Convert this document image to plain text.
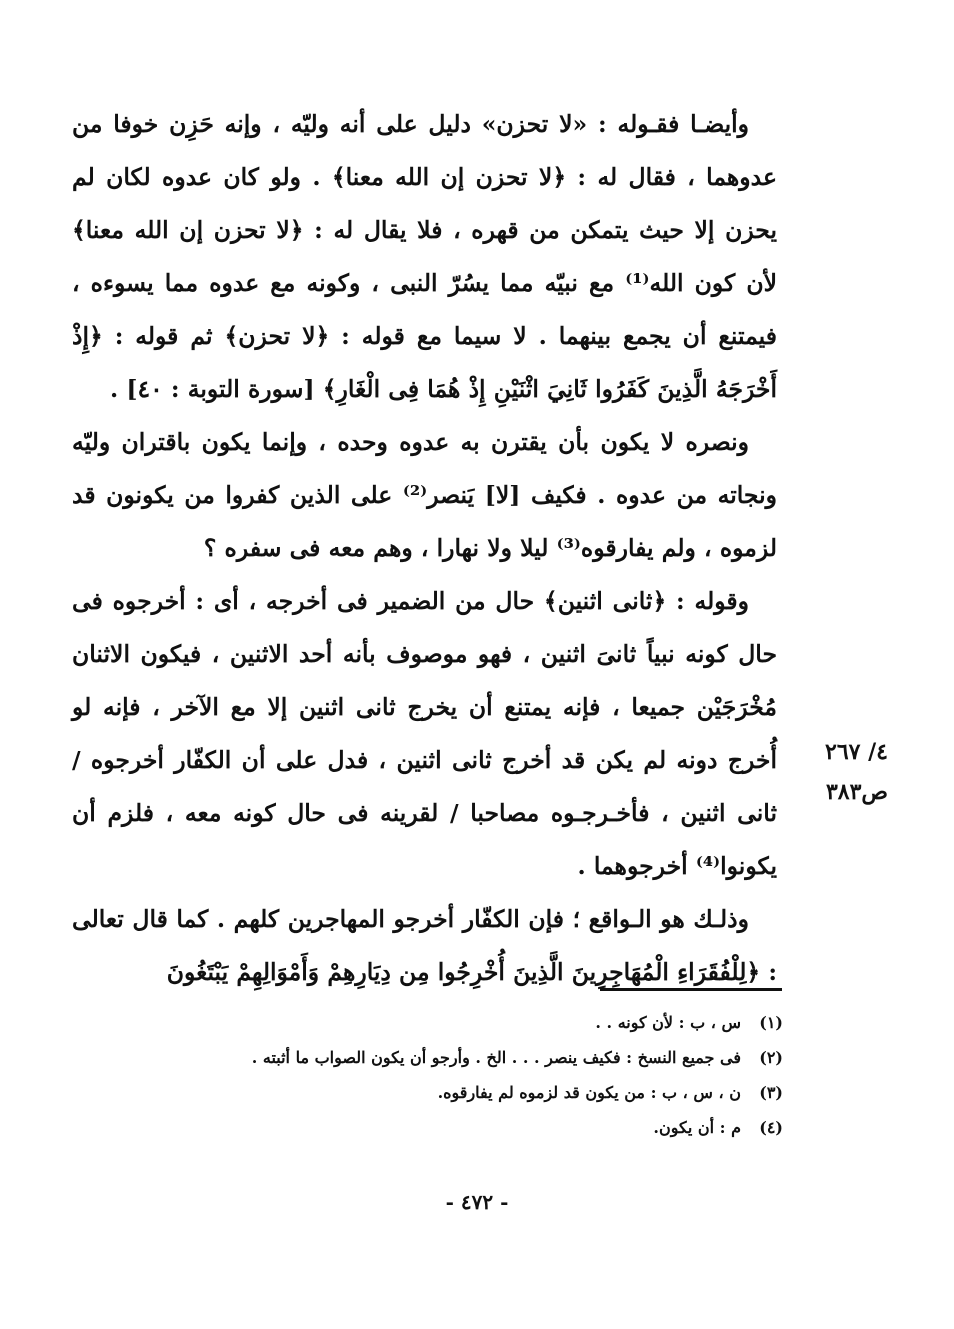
وأيضـا فقـوله : «لا تحزن» دليل على أنه وليّه ، وإنه حَزِن خوفا من عدوهما ، فقال له : ﴿لا تحزن إن الله معنا﴾ . ولو كان عدوه لكان لم يحزن إلا حيث يتمكن من قهره ، فلا يقال له : ﴿لا تحزن إن الله معنا﴾ لأن كون الله⁽¹⁾ مع نبيّه مما يسُرّ النبى ، وكونه مع عدوه مما يسوءه ، فيمتنع أن يجمع بينهما . لا سيما مع قوله : ﴿لا تحزن﴾ ثم قوله : ﴿إِذْ أَخْرَجَهُ الَّذِينَ كَفَرُوا ثَانِيَ اثْنَيْنِ إِذْ هُمَا فِى الْغَارِ﴾ [سورة التوبة : ٤٠] .

ونصره لا يكون بأن يقترن به عدوه وحده ، وإنما يكون باقتران وليّه ونجاته من عدوه . فكيف [لا] يَنصر⁽²⁾ على الذين كفروا من يكونون قد لزموه ، ولم يفارقوه⁽³⁾ ليلا ولا نهارا ، وهم معه فى سفره ؟

وقوله : ﴿ثانى اثنين﴾ حال من الضمير فى أخرجه ، أى : أخرجوه فى حال كونه نبياً ثانىَ اثنين ، فهو موصوف بأنه أحد الاثنين ، فيكون الاثنان مُخْرَجَيْن جميعا ، فإنه يمتنع أن يخرج ثانى اثنين إلا مع الآخر ، فإنه لو أُخرج دونه لم يكن قد أخرج ثانى اثنين ، فدل على أن الكفّار أخرجوه / ثانى اثنين ، فأخـرجـوه مصاحبا / لقرينه فى حال كونه معه ، فلزم أن يكونوا⁽⁴⁾ أخرجوهما .

وذلـك هو الـواقع ؛ فإن الكفّار أخرجو المهاجرين كلهم . كما قال تعالى : ﴿لِلْفُقَرَاءِ الْمُهَاجِرِينَ الَّذِينَ أُخْرِجُوا مِن دِيَارِهِمْ وَأَمْوَالِهِمْ يَبْتَغُونَ

٤/ ٢٦٧
ص٣٨٣
(١)
س ، ب : لأن كونه . .
(٢)
فى جميع النسخ : فكيف ينصر . . . الخ . وأرجو أن يكون الصواب ما أثبته .
(٣)
ن ، س ، ب : من يكون قد لزموه لم يفارقوه.
(٤)
م : أن يكون.
- ٤٧٢ -
